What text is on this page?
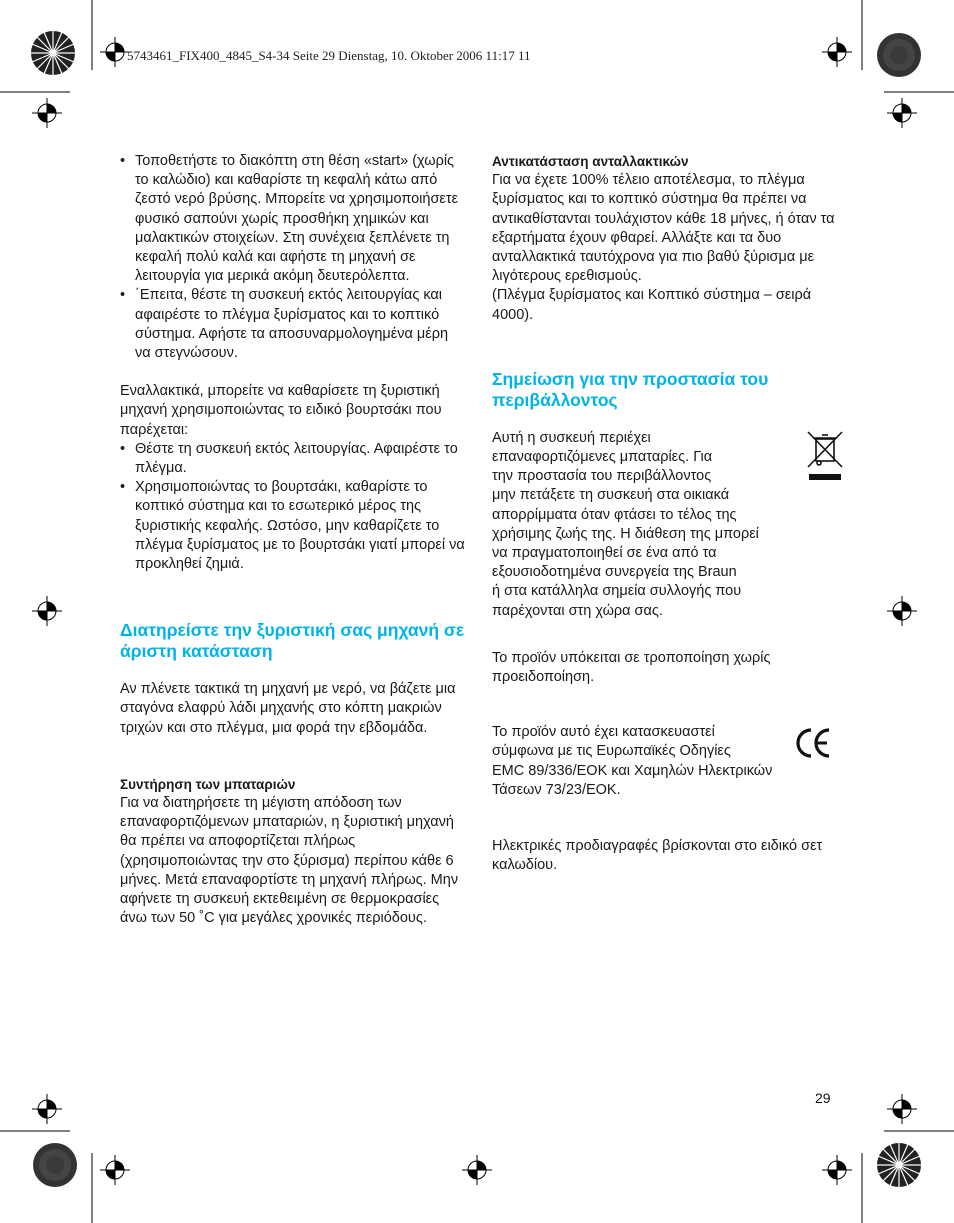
5743461_FIX400_4845_S4-34 Seite 29 Dienstag, 10. Oktober 2006 11:17 11
• Τοποθετήστε το διακόπτη στη θέση «start» (χωρίς το καλώδιο) και καθαρίστε τη κεφαλή κάτω από ζεστό νερό βρύσης. Μπορείτε να χρησιμοποιήσετε φυσικό σαπούνι χωρίς προσθήκη χημικών και μαλακτικών στοιχείων. Στη συνέχεια ξεπλένετε τη κεφαλή πολύ καλά και αφήστε τη μηχανή σε λειτουργία για μερικά ακόμη δευτερόλεπτα.
• ΄Επειτα, θέστε τη συσκευή εκτός λειτουργίας και αφαιρέστε το πλέγμα ξυρίσματος και το κοπτικό σύστημα. Αφήστε τα αποσυναρμολογημένα μέρη να στεγνώσουν.

Εναλλακτικά, μπορείτε να καθαρίσετε τη ξυριστική μηχανή χρησιμοποιώντας το ειδικό βουρτσάκι που παρέχεται:

• Θέστε τη συσκευή εκτός λειτουργίας. Αφαιρέστε το πλέγμα.
• Χρησιμοποιώντας το βουρτσάκι, καθαρίστε το κοπτικό σύστημα και το εσωτερικό μέρος της ξυριστικής κεφαλής. Ωστόσο, μην καθαρίζετε το πλέγμα ξυρίσματος με το βουρτσάκι γιατί μπορεί να προκληθεί ζημιά.
Διατηρείστε την ξυριστική σας μηχανή σε άριστη κατάσταση

Αν πλένετε τακτικά τη μηχανή με νερό, να βάζετε μια σταγόνα ελαφρύ λάδι μηχανής στο κόπτη μακριών τριχών και στο πλέγμα, μια φορά την εβδομάδα.

Συντήρηση των μπαταριών

Για να διατηρήσετε τη μέγιστη απόδοση των επαναφορτιζόμενων μπαταριών, η ξυριστική μηχανή θα πρέπει να αποφορτίζεται πλήρως (χρησιμοποιώντας την στο ξύρισμα) περίπου κάθε 6 μήνες. Μετά επαναφορτίστε τη μηχανή πλήρως. Μην αφήνετε τη συσκευή εκτεθειμένη σε θερμοκρασίες άνω των 50 ˚C για μεγάλες χρονικές περιόδους.

Αντικατάσταση ανταλλακτικών

Για να έχετε 100% τέλειο αποτέλεσμα, το πλέγμα ξυρίσματος και το κοπτικό σύστημα θα πρέπει να αντικαθίστανται τουλάχιστον κάθε 18 μήνες, ή όταν τα εξαρτήματα έχουν φθαρεί. Αλλάξτε και τα δυο ανταλλακτικά ταυτόχρονα για πιο βαθύ ξύρισμα με λιγότερους ερεθισμούς.

(Πλέγμα ξυρίσματος και Κοπτικό σύστημα – σειρά 4000).

Σημείωση για την προστασία του περιβάλλοντος
Αυτή η συσκευή περιέχει
επαναφορτιζόμενες μπαταρίες. Για
την προστασία του περιβάλλοντος
μην πετάξετε τη συσκευή στα οικιακά
απορρίμματα όταν φτάσει το τέλος της
χρήσιμης ζωής της. Η διάθεση της μπορεί
να πραγματοποιηθεί σε ένα από τα
εξουσιοδοτημένα συνεργεία της Braun
ή στα κατάλληλα σημεία συλλογής που
παρέχονται στη χώρα σας.

Το προϊόν υπόκειται σε τροποποίηση χωρίς προειδοποίηση.

Το προϊόν αυτό έχει κατασκευαστεί
σύμφωνα με τις Ευρωπαϊκές Οδηγίες
EMC 89/336/ΕΟΚ και Χαμηλών Ηλεκτρικών
Τάσεων 73/23/ΕΟΚ.

Ηλεκτρικές προδιαγραφές βρίσκονται στο ειδικό σετ καλωδίου.

29
